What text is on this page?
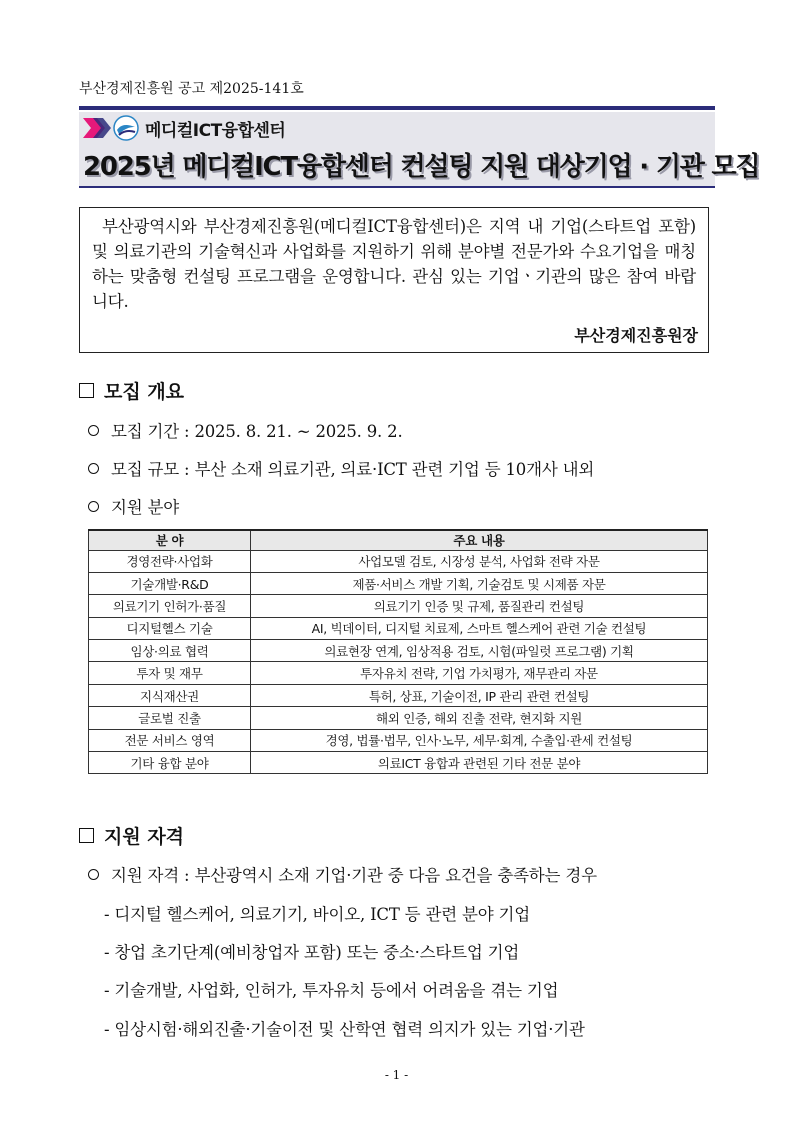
부산경제진흥원 공고 제2025-141호
메디컬ICT융합센터
2025년 메디컬ICT융합센터 컨설팅 지원 대상기업 · 기관 모집
부산광역시와 부산경제진흥원(메디컬ICT융합센터)은 지역 내 기업(스타트업 포함) 및 의료기관의 기술혁신과 사업화를 지원하기 위해 분야별 전문가와 수요기업을 매칭하는 맞춤형 컨설팅 프로그램을 운영합니다. 관심 있는 기업ㆍ기관의 많은 참여 바랍니다.
부산경제진흥원장
모집 개요
모집 기간 : 2025. 8. 21. ~ 2025. 9. 2.
모집 규모 : 부산 소재 의료기관, 의료·ICT 관련 기업 등 10개사 내외
지원 분야
분 야	주요 내용
경영전략·사업화	사업모델 검토, 시장성 분석, 사업화 전략 자문
기술개발·R&D	제품·서비스 개발 기획, 기술검토 및 시제품 자문
의료기기 인허가·품질	의료기기 인증 및 규제, 품질관리 컨설팅
디지털헬스 기술	AI, 빅데이터, 디지털 치료제, 스마트 헬스케어 관련 기술 컨설팅
임상·의료 협력	의료현장 연계, 임상적용 검토, 시험(파일럿 프로그램) 기획
투자 및 재무	투자유치 전략, 기업 가치평가, 재무관리 자문
지식재산권	특허, 상표, 기술이전, IP 관리 관련 컨설팅
글로벌 진출	해외 인증, 해외 진출 전략, 현지화 지원
전문 서비스 영역	경영, 법률·법무, 인사·노무, 세무·회계, 수출입·관세 컨설팅
기타 융합 분야	의료ICT 융합과 관련된 기타 전문 분야
지원 자격
지원 자격 : 부산광역시 소재 기업·기관 중 다음 요건을 충족하는 경우
- 디지털 헬스케어, 의료기기, 바이오, ICT 등 관련 분야 기업
- 창업 초기단계(예비창업자 포함) 또는 중소·스타트업 기업
- 기술개발, 사업화, 인허가, 투자유치 등에서 어려움을 겪는 기업
- 임상시험·해외진출·기술이전 및 산학연 협력 의지가 있는 기업·기관
- 1 -
